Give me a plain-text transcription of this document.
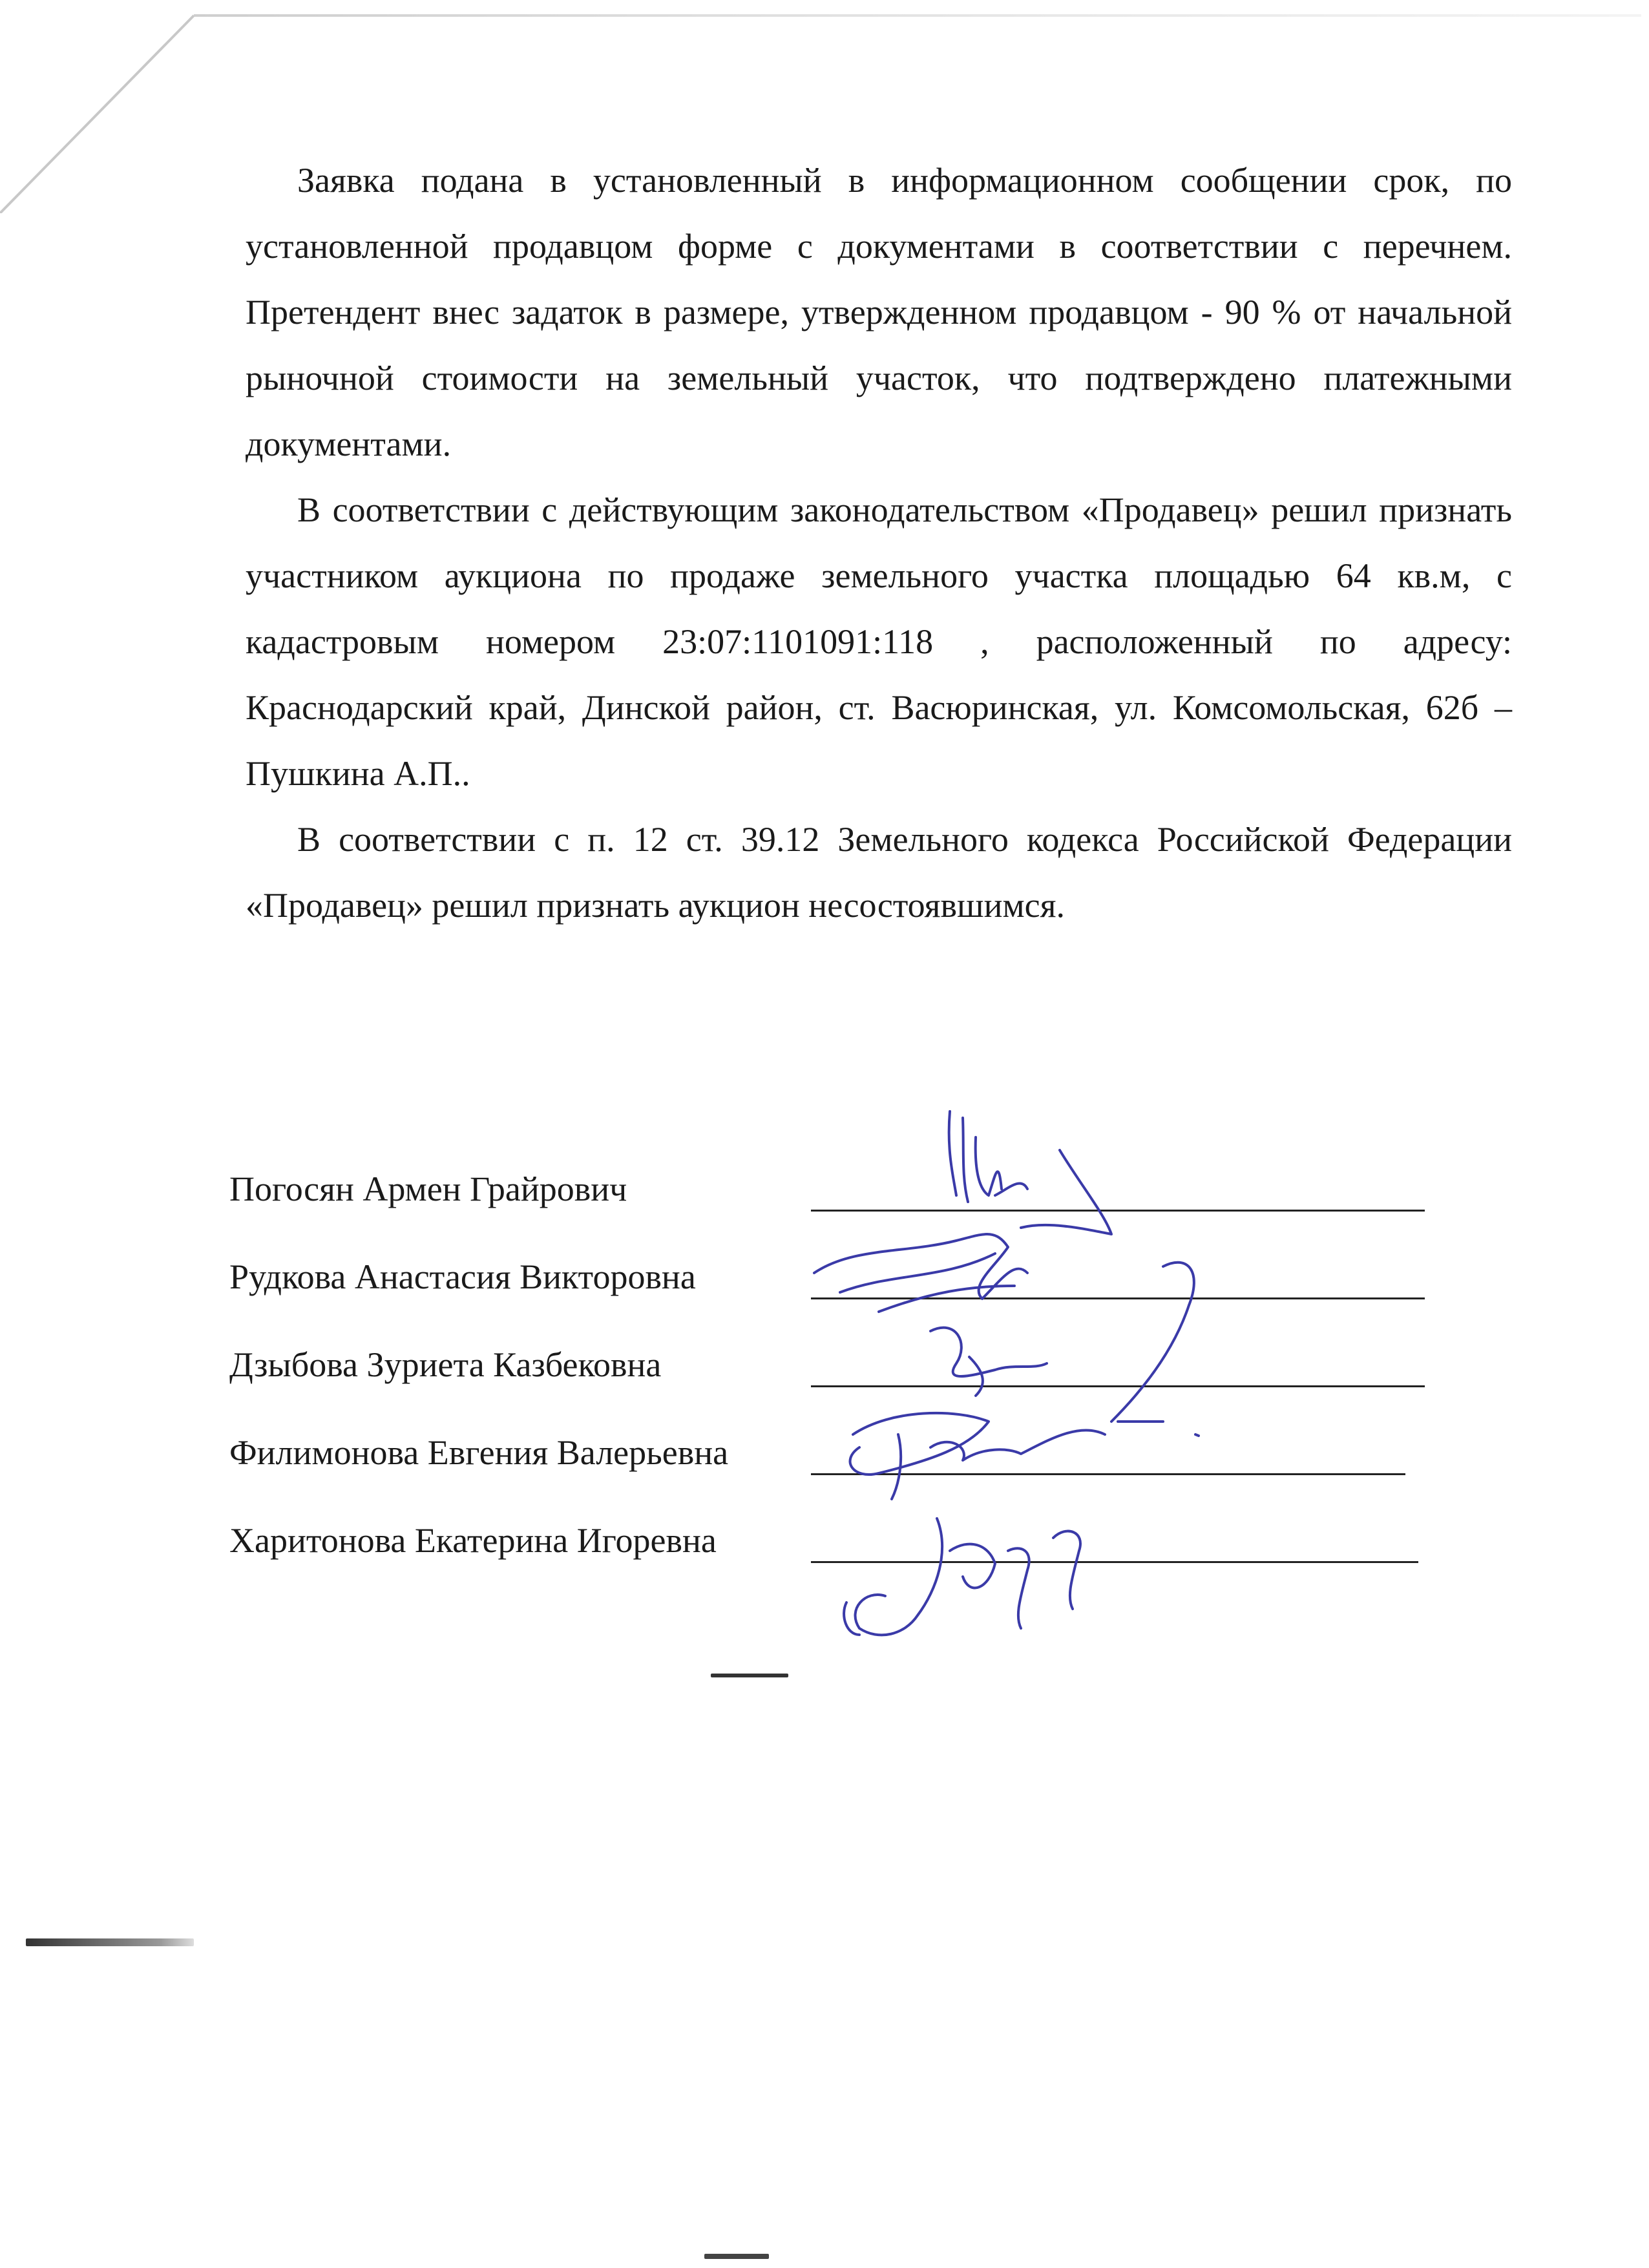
Заявка подана в установленный в информационном сообщении срок, по установленной продавцом форме с документами в соответствии с перечнем. Претендент внес задаток в размере, утвержденном продавцом - 90 % от начальной рыночной стоимости на земельный участок, что подтверждено платежными документами.

В соответствии с действующим законодательством «Продавец» решил признать участником аукциона по продаже земельного участка площадью 64 кв.м, с кадастровым номером 23:07:1101091:118 , расположенный по адресу: Краснодарский край, Динской район, ст. Васюринская, ул. Комсомольская, 62б – Пушкина А.П..

В соответствии с п. 12 ст. 39.12 Земельного кодекса Российской Федерации «Продавец» решил признать аукцион несостоявшимся.

Погосян Армен Грайрович
Рудкова Анастасия Викторовна
Дзыбова Зуриета Казбековна
Филимонова Евгения Валерьевна
Харитонова Екатерина Игоревна
